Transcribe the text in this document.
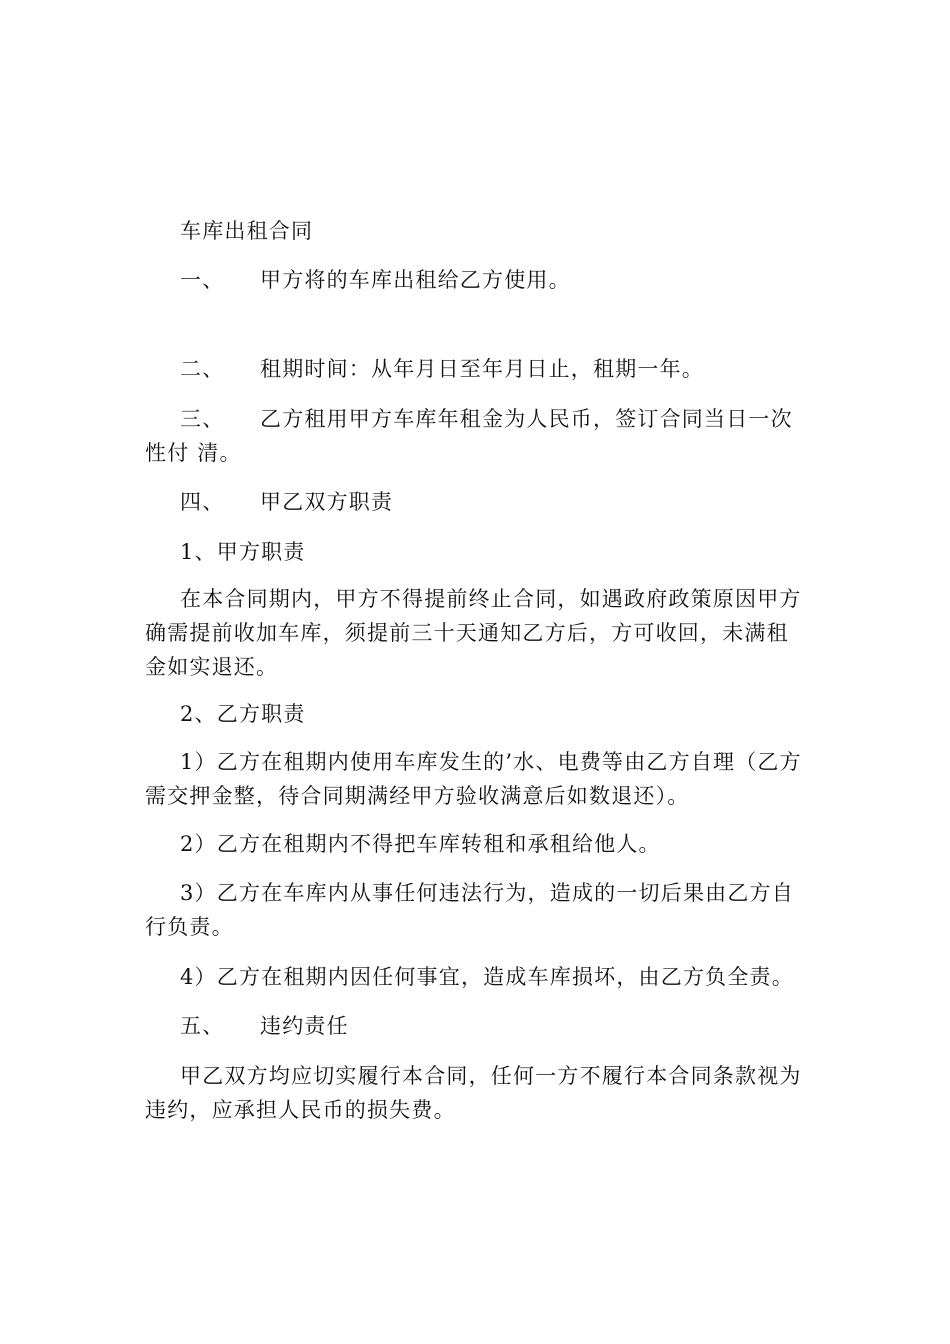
车库出租合同
一、 甲方将的车库出租给乙方使用。
二、 租期时间：从年月日至年月日止，租期一年。
三、 乙方租用甲方车库年租金为人民币，签订合同当日一次
性付 清。
四、 甲乙双方职责
1、甲方职责
在本合同期内，甲方不得提前终止合同，如遇政府政策原因甲方
确需提前收加车库，须提前三十天通知乙方后，方可收回，未满租
金如实退还。
2、乙方职责
1）乙方在租期内使用车库发生的’水、电费等由乙方自理（乙方
需交押金整，待合同期满经甲方验收满意后如数退还）。
2）乙方在租期内不得把车库转租和承租给他人。
3）乙方在车库内从事任何违法行为，造成的一切后果由乙方自
行负责。
4）乙方在租期内因任何事宜，造成车库损坏，由乙方负全责。
五、 违约责任
甲乙双方均应切实履行本合同，任何一方不履行本合同条款视为
违约，应承担人民币的损失费。
